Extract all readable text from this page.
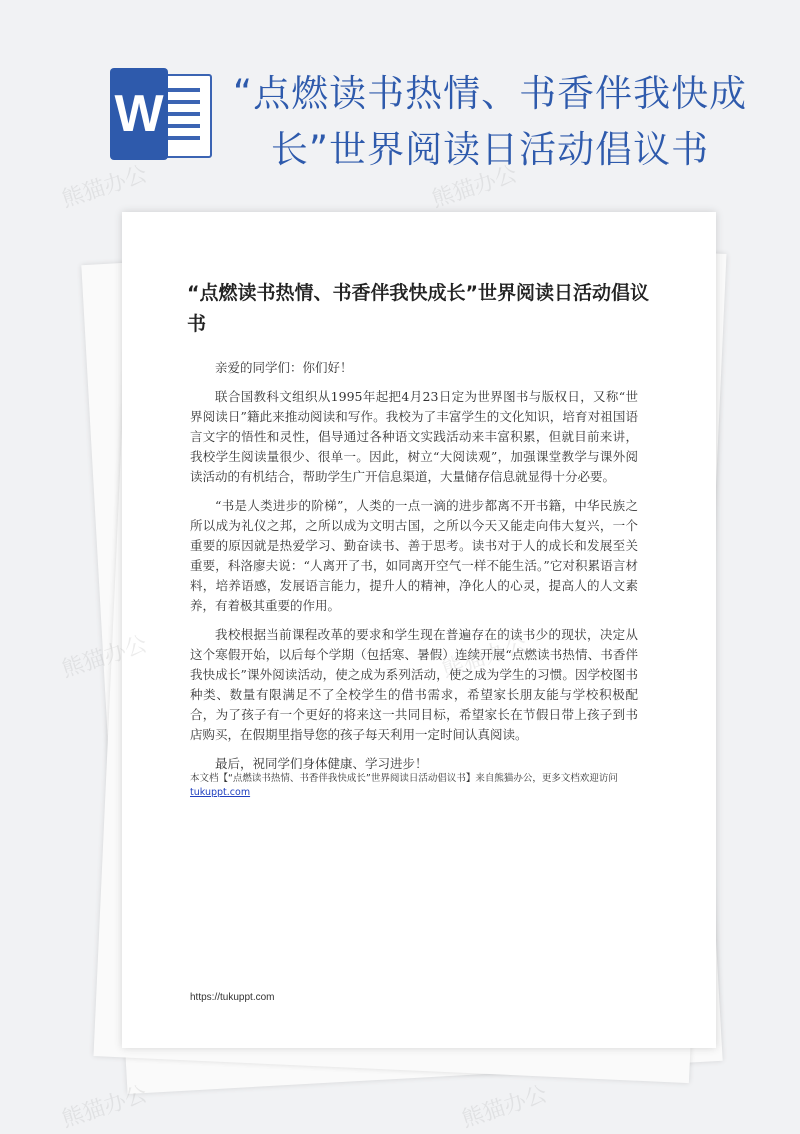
W “点燃读书热情、书香伴我快成长”世界阅读日活动倡议书
“点燃读书热情、书香伴我快成长”世界阅读日活动倡议书

亲爱的同学们：你们好！

联合国教科文组织从1995年起把4月23日定为世界图书与版权日，又称“世界阅读日”籍此来推动阅读和写作。我校为了丰富学生的文化知识，培育对祖国语言文字的悟性和灵性，倡导通过各种语文实践活动来丰富积累，但就目前来讲，我校学生阅读量很少、很单一。因此，树立“大阅读观”，加强课堂教学与课外阅读活动的有机结合，帮助学生广开信息渠道，大量储存信息就显得十分必要。

“书是人类进步的阶梯”，人类的一点一滴的进步都离不开书籍，中华民族之所以成为礼仪之邦，之所以成为文明古国，之所以今天又能走向伟大复兴，一个重要的原因就是热爱学习、勤奋读书、善于思考。读书对于人的成长和发展至关重要，科洛廖夫说：“人离开了书，如同离开空气一样不能生活。”它对积累语言材料，培养语感，发展语言能力，提升人的精神，净化人的心灵，提高人的人文素养，有着极其重要的作用。

我校根据当前课程改革的要求和学生现在普遍存在的读书少的现状，决定从这个寒假开始，以后每个学期（包括寒、暑假）连续开展“点燃读书热情、书香伴我快成长”课外阅读活动，使之成为系列活动，使之成为学生的习惯。因学校图书种类、数量有限满足不了全校学生的借书需求，希望家长朋友能与学校积极配合，为了孩子有一个更好的将来这一共同目标，希望家长在节假日带上孩子到书店购买，在假期里指导您的孩子每天利用一定时间认真阅读。

最后，祝同学们身体健康、学习进步！

本文档【“点燃读书热情、书香伴我快成长”世界阅读日活动倡议书】来自熊猫办公，更多文档欢迎访问
tukuppt.com
https://tukuppt.com
熊猫办公	熊猫办公
熊猫办公	熊猫办公
